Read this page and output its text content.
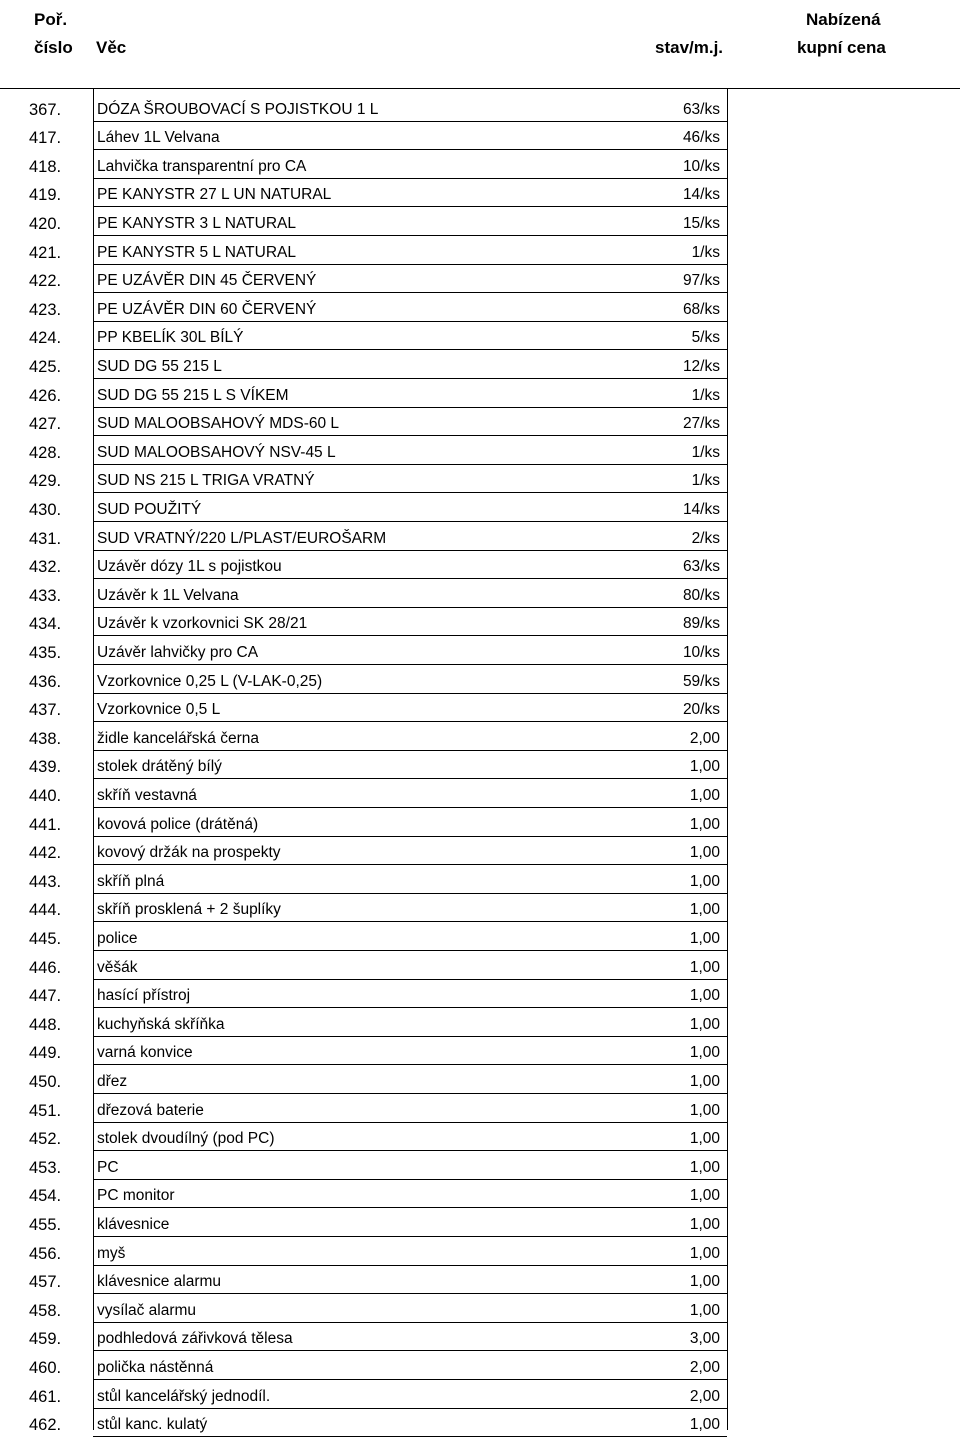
Poř.
číslo Věc	stav/m.j.
Nabízená
kupní cena
367. DÓZA ŠROUBOVACÍ S POJISTKOU 1 L	63/ks
417. Láhev 1L Velvana	46/ks
418. Lahvička transparentní pro CA	10/ks
419. PE KANYSTR 27 L UN NATURAL	14/ks
420. PE KANYSTR 3 L NATURAL	15/ks
421. PE KANYSTR 5 L NATURAL	1/ks
422. PE UZÁVĚR DIN 45 ČERVENÝ	97/ks
423. PE UZÁVĚR DIN 60 ČERVENÝ	68/ks
424. PP KBELÍK 30L BÍLÝ	5/ks
425. SUD DG 55 215 L	12/ks
426. SUD DG 55 215 L S VÍKEM	1/ks
427. SUD MALOOBSAHOVÝ MDS-60 L	27/ks
428. SUD MALOOBSAHOVÝ NSV-45 L	1/ks
429. SUD NS 215 L TRIGA VRATNÝ	1/ks
430. SUD POUŽITÝ	14/ks
431. SUD VRATNÝ/220 L/PLAST/EUROŠARM	2/ks
432. Uzávěr dózy 1L s pojistkou	63/ks
433. Uzávěr k 1L Velvana	80/ks
434. Uzávěr k vzorkovnici SK 28/21	89/ks
435. Uzávěr lahvičky pro CA	10/ks
436. Vzorkovnice 0,25 L (V-LAK-0,25)	59/ks
437. Vzorkovnice 0,5 L	20/ks
438. židle kancelářská černa	2,00
439. stolek drátěný bílý	1,00
440. skříň vestavná	1,00
441. kovová police (drátěná)	1,00
442. kovový držák na prospekty	1,00
443. skříň plná	1,00
444. skříň prosklená + 2 šuplíky	1,00
445. police	1,00
446. věšák	1,00
447. hasící přístroj	1,00
448. kuchyňská skříňka	1,00
449. varná konvice	1,00
450. dřez	1,00
451. dřezová baterie	1,00
452. stolek dvoudílný (pod PC)	1,00
453. PC	1,00
454. PC monitor	1,00
455. klávesnice	1,00
456. myš	1,00
457. klávesnice alarmu	1,00
458. vysílač alarmu	1,00
459. podhledová zářivková tělesa	3,00
460. polička nástěnná	2,00
461. stůl kancelářský jednodíl.	2,00
462. stůl kanc. kulatý	1,00
